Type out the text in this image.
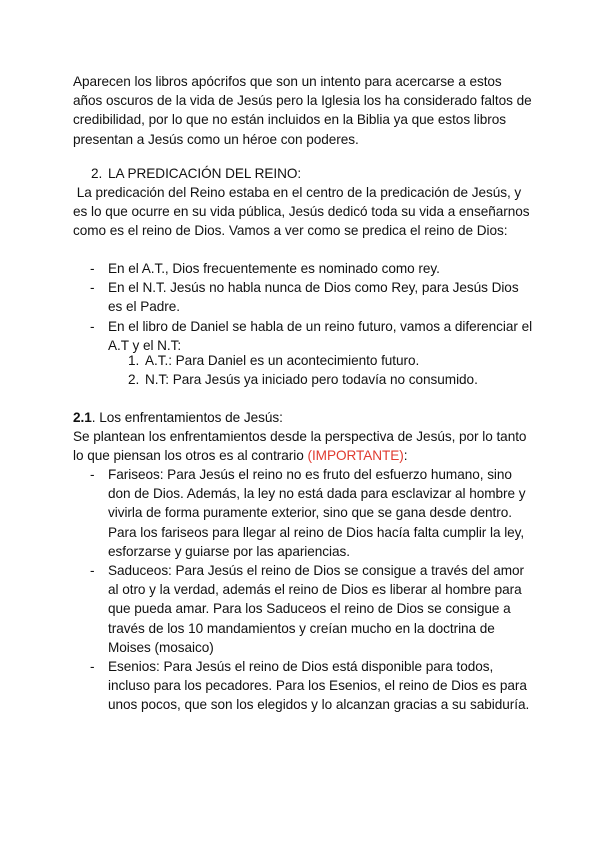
Aparecen los libros apócrifos que son un intento para acercarse a estos años oscuros de la vida de Jesús pero la Iglesia los ha considerado faltos de credibilidad, por lo que no están incluidos en la Biblia ya que estos libros presentan a Jesús como un héroe con poderes.

2. LA PREDICACIÓN DEL REINO:

La predicación del Reino estaba en el centro de la predicación de Jesús, y es lo que ocurre en su vida pública, Jesús dedicó toda su vida a enseñarnos como es el reino de Dios. Vamos a ver como se predica el reino de Dios:

- En el A.T., Dios frecuentemente es nominado como rey.
- En el N.T. Jesús no habla nunca de Dios como Rey, para Jesús Dios es el Padre.
- En el libro de Daniel se habla de un reino futuro, vamos a diferenciar el A.T y el N.T:
1. A.T.: Para Daniel es un acontecimiento futuro.
2. N.T: Para Jesús ya iniciado pero todavía no consumido.
2.1. Los enfrentamientos de Jesús:

Se plantean los enfrentamientos desde la perspectiva de Jesús, por lo tanto lo que piensan los otros es al contrario (IMPORTANTE):

- Fariseos: Para Jesús el reino no es fruto del esfuerzo humano, sino don de Dios. Además, la ley no está dada para esclavizar al hombre y vivirla de forma puramente exterior, sino que se gana desde dentro. Para los fariseos para llegar al reino de Dios hacía falta cumplir la ley, esforzarse y guiarse por las apariencias.
- Saduceos: Para Jesús el reino de Dios se consigue a través del amor al otro y la verdad, además el reino de Dios es liberar al hombre para que pueda amar. Para los Saduceos el reino de Dios se consigue a través de los 10 mandamientos y creían mucho en la doctrina de Moises (mosaico)
- Esenios: Para Jesús el reino de Dios está disponible para todos, incluso para los pecadores. Para los Esenios, el reino de Dios es para unos pocos, que son los elegidos y lo alcanzan gracias a su sabiduría.
